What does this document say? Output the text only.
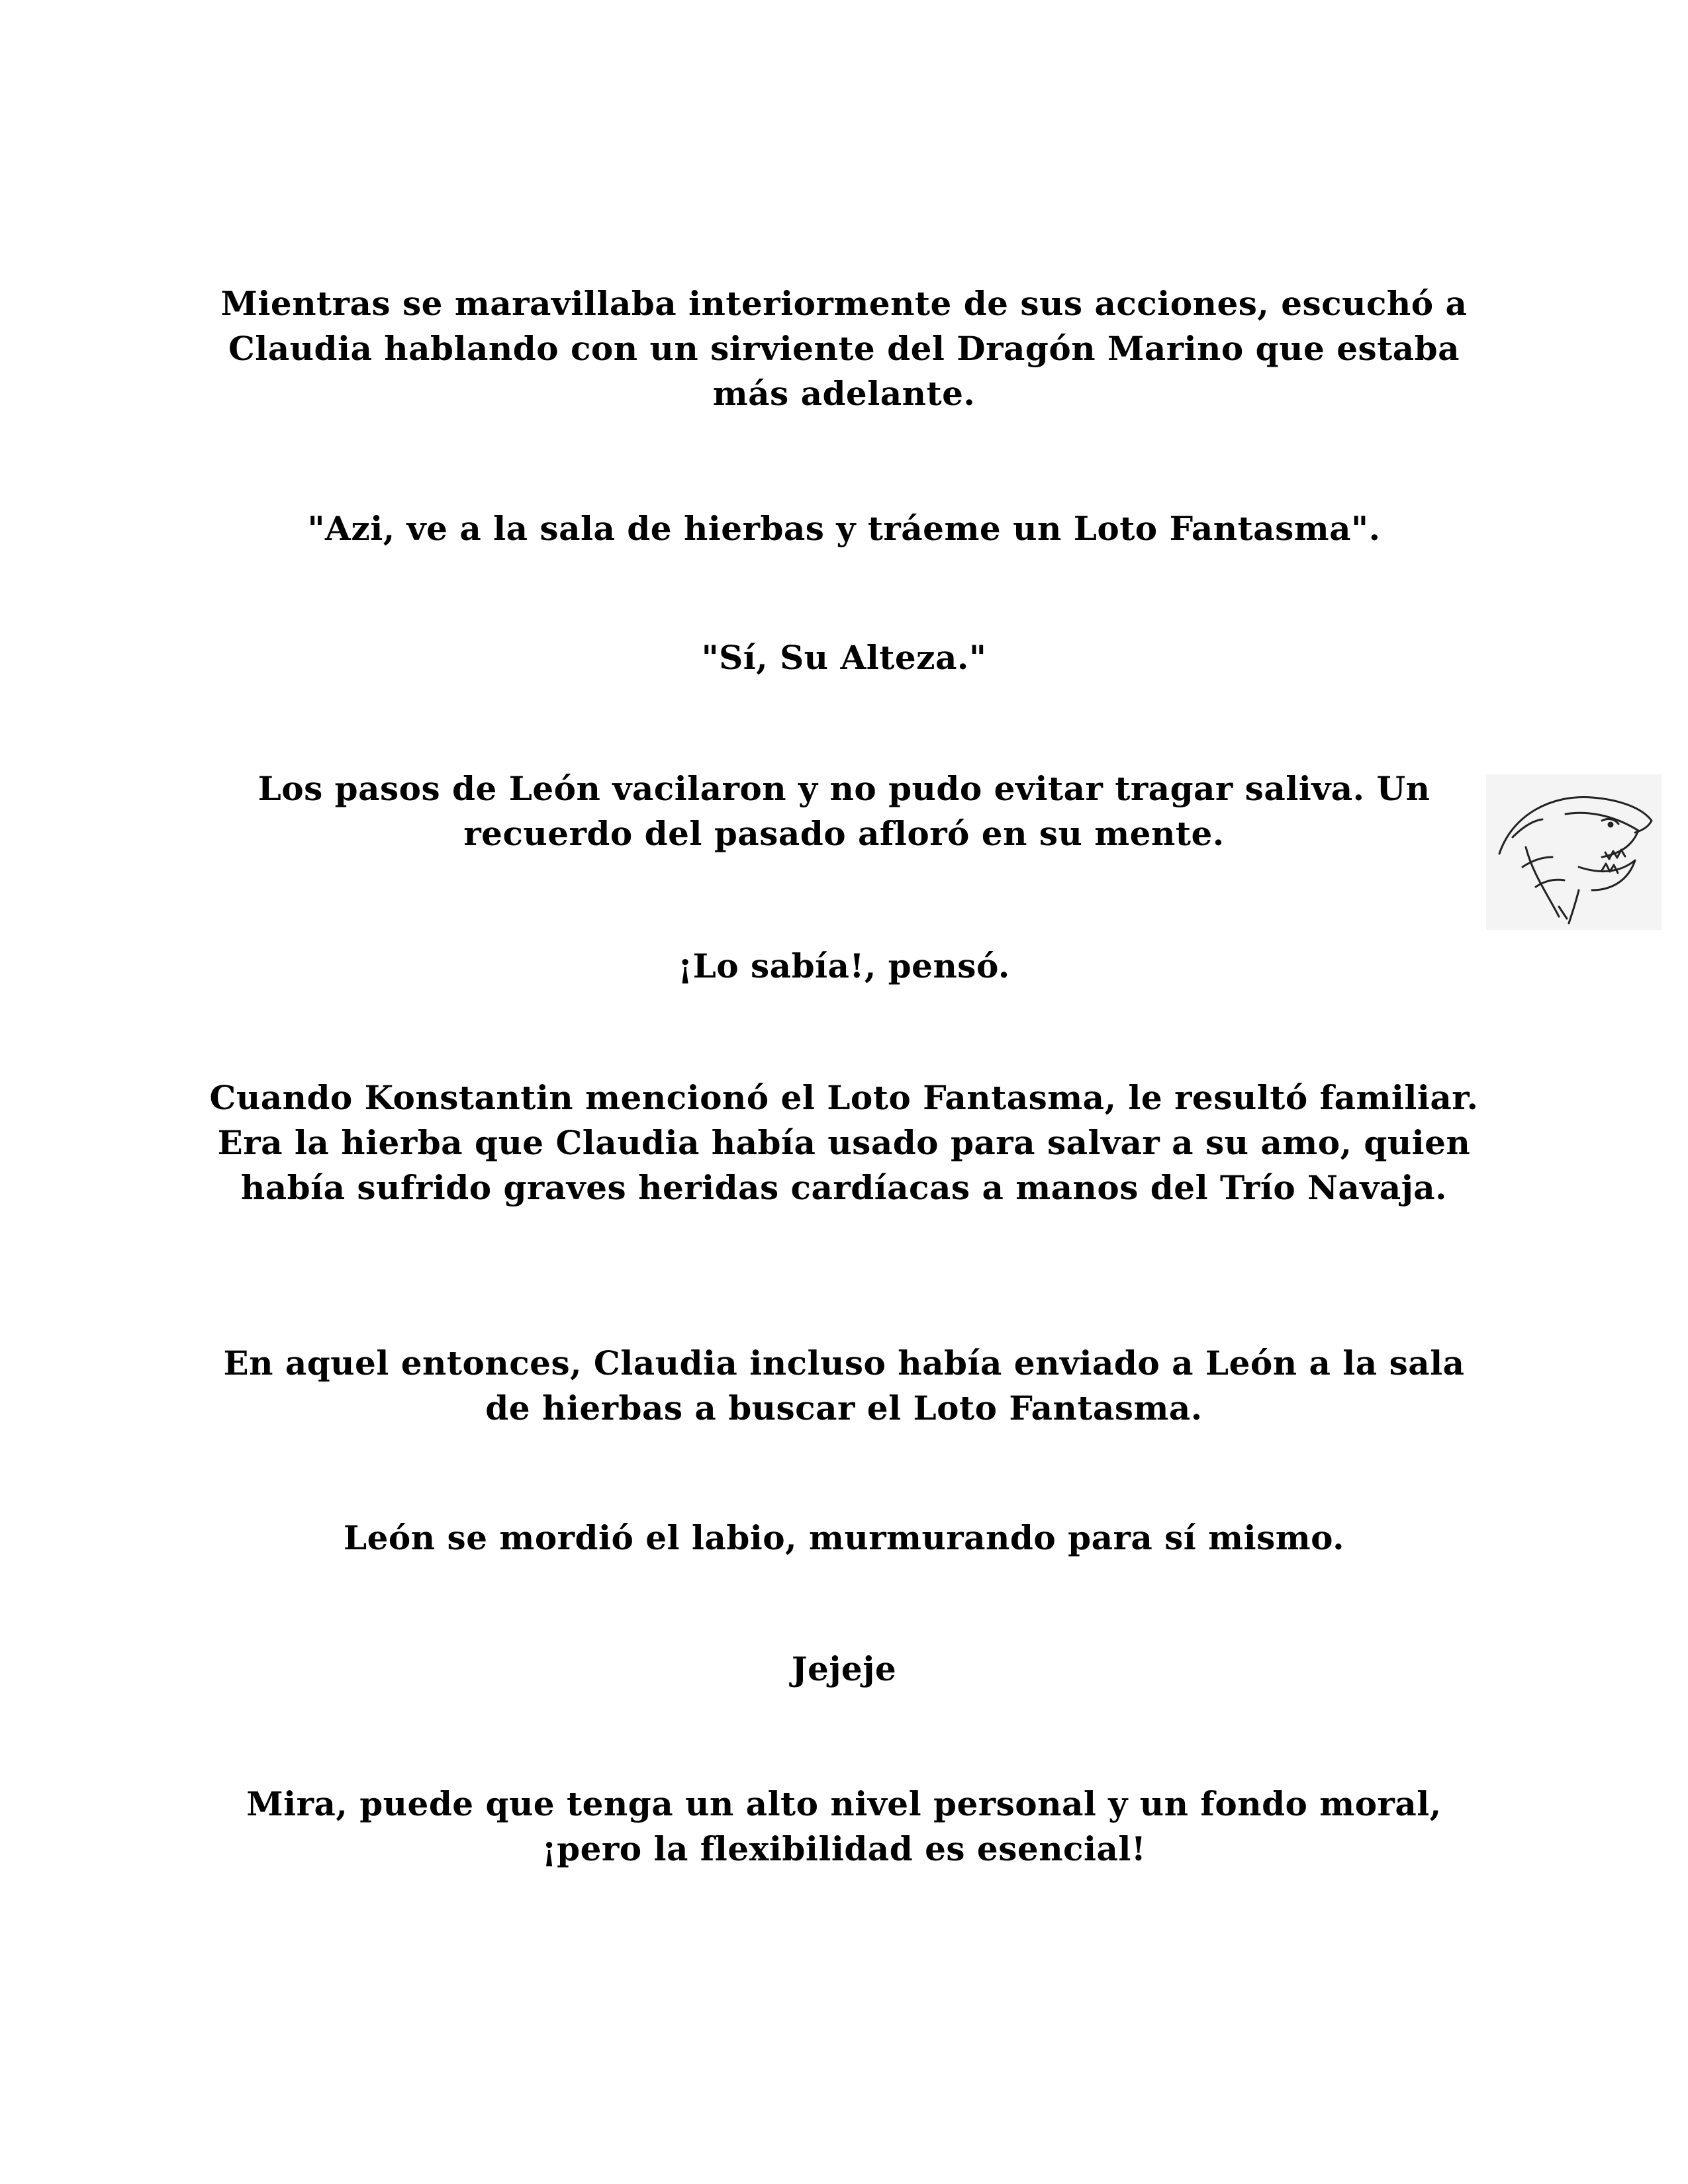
Mientras se maravillaba interiormente de sus acciones, escuchó a Claudia hablando con un sirviente del Dragón Marino que estaba más adelante.

"Azi, ve a la sala de hierbas y tráeme un Loto Fantasma".

"Sí, Su Alteza."

Los pasos de León vacilaron y no pudo evitar tragar saliva. Un recuerdo del pasado afloró en su mente.

¡Lo sabía!, pensó.

Cuando Konstantin mencionó el Loto Fantasma, le resultó familiar. Era la hierba que Claudia había usado para salvar a su amo, quien había sufrido graves heridas cardíacas a manos del Trío Navaja.

En aquel entonces, Claudia incluso había enviado a León a la sala de hierbas a buscar el Loto Fantasma.

León se mordió el labio, murmurando para sí mismo.

Jejeje

Mira, puede que tenga un alto nivel personal y un fondo moral, ¡pero la flexibilidad es esencial!
